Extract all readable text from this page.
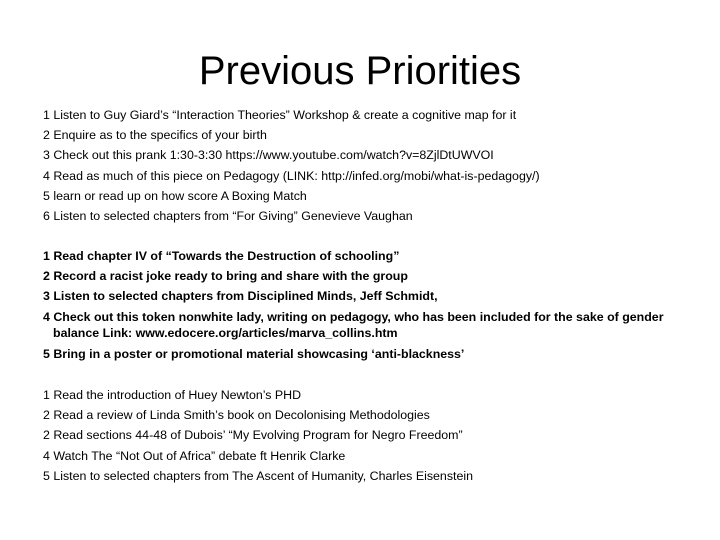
Previous Priorities
1 Listen to Guy Giard’s “Interaction Theories” Workshop & create a cognitive map for it
2 Enquire as to the specifics of your birth
3 Check out this prank 1:30-3:30 https://www.youtube.com/watch?v=8ZjlDtUWVOI
4 Read as much of this piece on Pedagogy (LINK: http://infed.org/mobi/what-is-pedagogy/)
5 learn or read up on how score A Boxing Match
6 Listen to selected chapters from “For Giving” Genevieve Vaughan
1 Read chapter IV of “Towards the Destruction of schooling”
2 Record a racist joke ready to bring and share with the group
3 Listen to selected chapters from Disciplined Minds, Jeff Schmidt,
4 Check out this token nonwhite lady, writing on pedagogy, who has been included for the sake of gender balance Link: www.edocere.org/articles/marva_collins.htm
5 Bring in a poster or promotional material showcasing ‘anti-blackness’
1 Read the introduction of Huey Newton’s PHD
2 Read a review of Linda Smith’s book on Decolonising Methodologies
2 Read sections 44-48 of Dubois’ “My Evolving Program for Negro Freedom”
4 Watch The “Not Out of Africa” debate ft Henrik Clarke
5 Listen to selected chapters from The Ascent of Humanity, Charles Eisenstein
